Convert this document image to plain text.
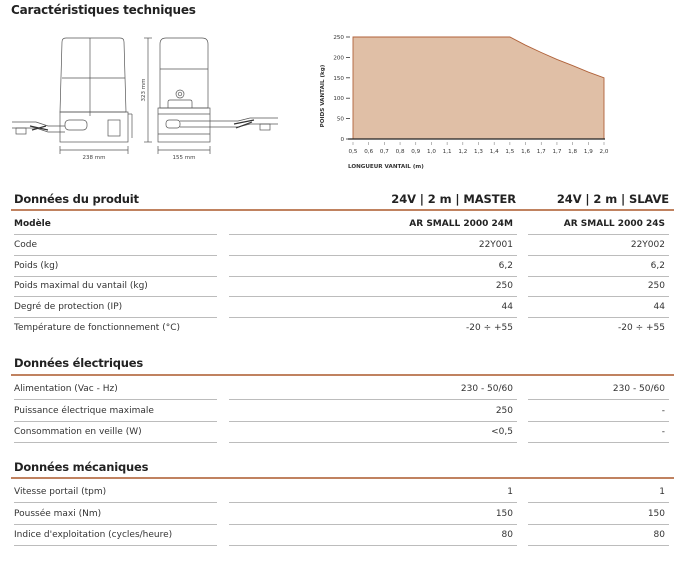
Caractéristiques techniques
238 mm	155 mm
323 mm
0
50
100
150
200
250
0,5 0,6 0,7 0,8 0,9 1,0 1,1 1,2 1,3 1,4 1,5 1,6 1,7 1,7 1,8 1,9 2,0
POIDS VANTAIL (kg)
LONGUEUR VANTAIL (m)
Données du produit	24V | 2 m | MASTER	24V | 2 m | SLAVE
Modèle	AR SMALL 2000 24M	AR SMALL 2000 24S
Code	22Y001	22Y002
Poids (kg)	6,2	6,2
Poids maximal du vantail (kg)	250	250
Degré de protection (IP)	44	44
Température de fonctionnement (°C)	-20 ÷ +55	-20 ÷ +55
Données électriques
Alimentation (Vac - Hz)	230 - 50/60	230 - 50/60
Puissance électrique maximale	250	-
Consommation en veille (W)	<0,5	-
Données mécaniques
Vitesse portail (tpm)	1	1
Poussée maxi (Nm)	150	150
Indice d'exploitation (cycles/heure)	80	80
